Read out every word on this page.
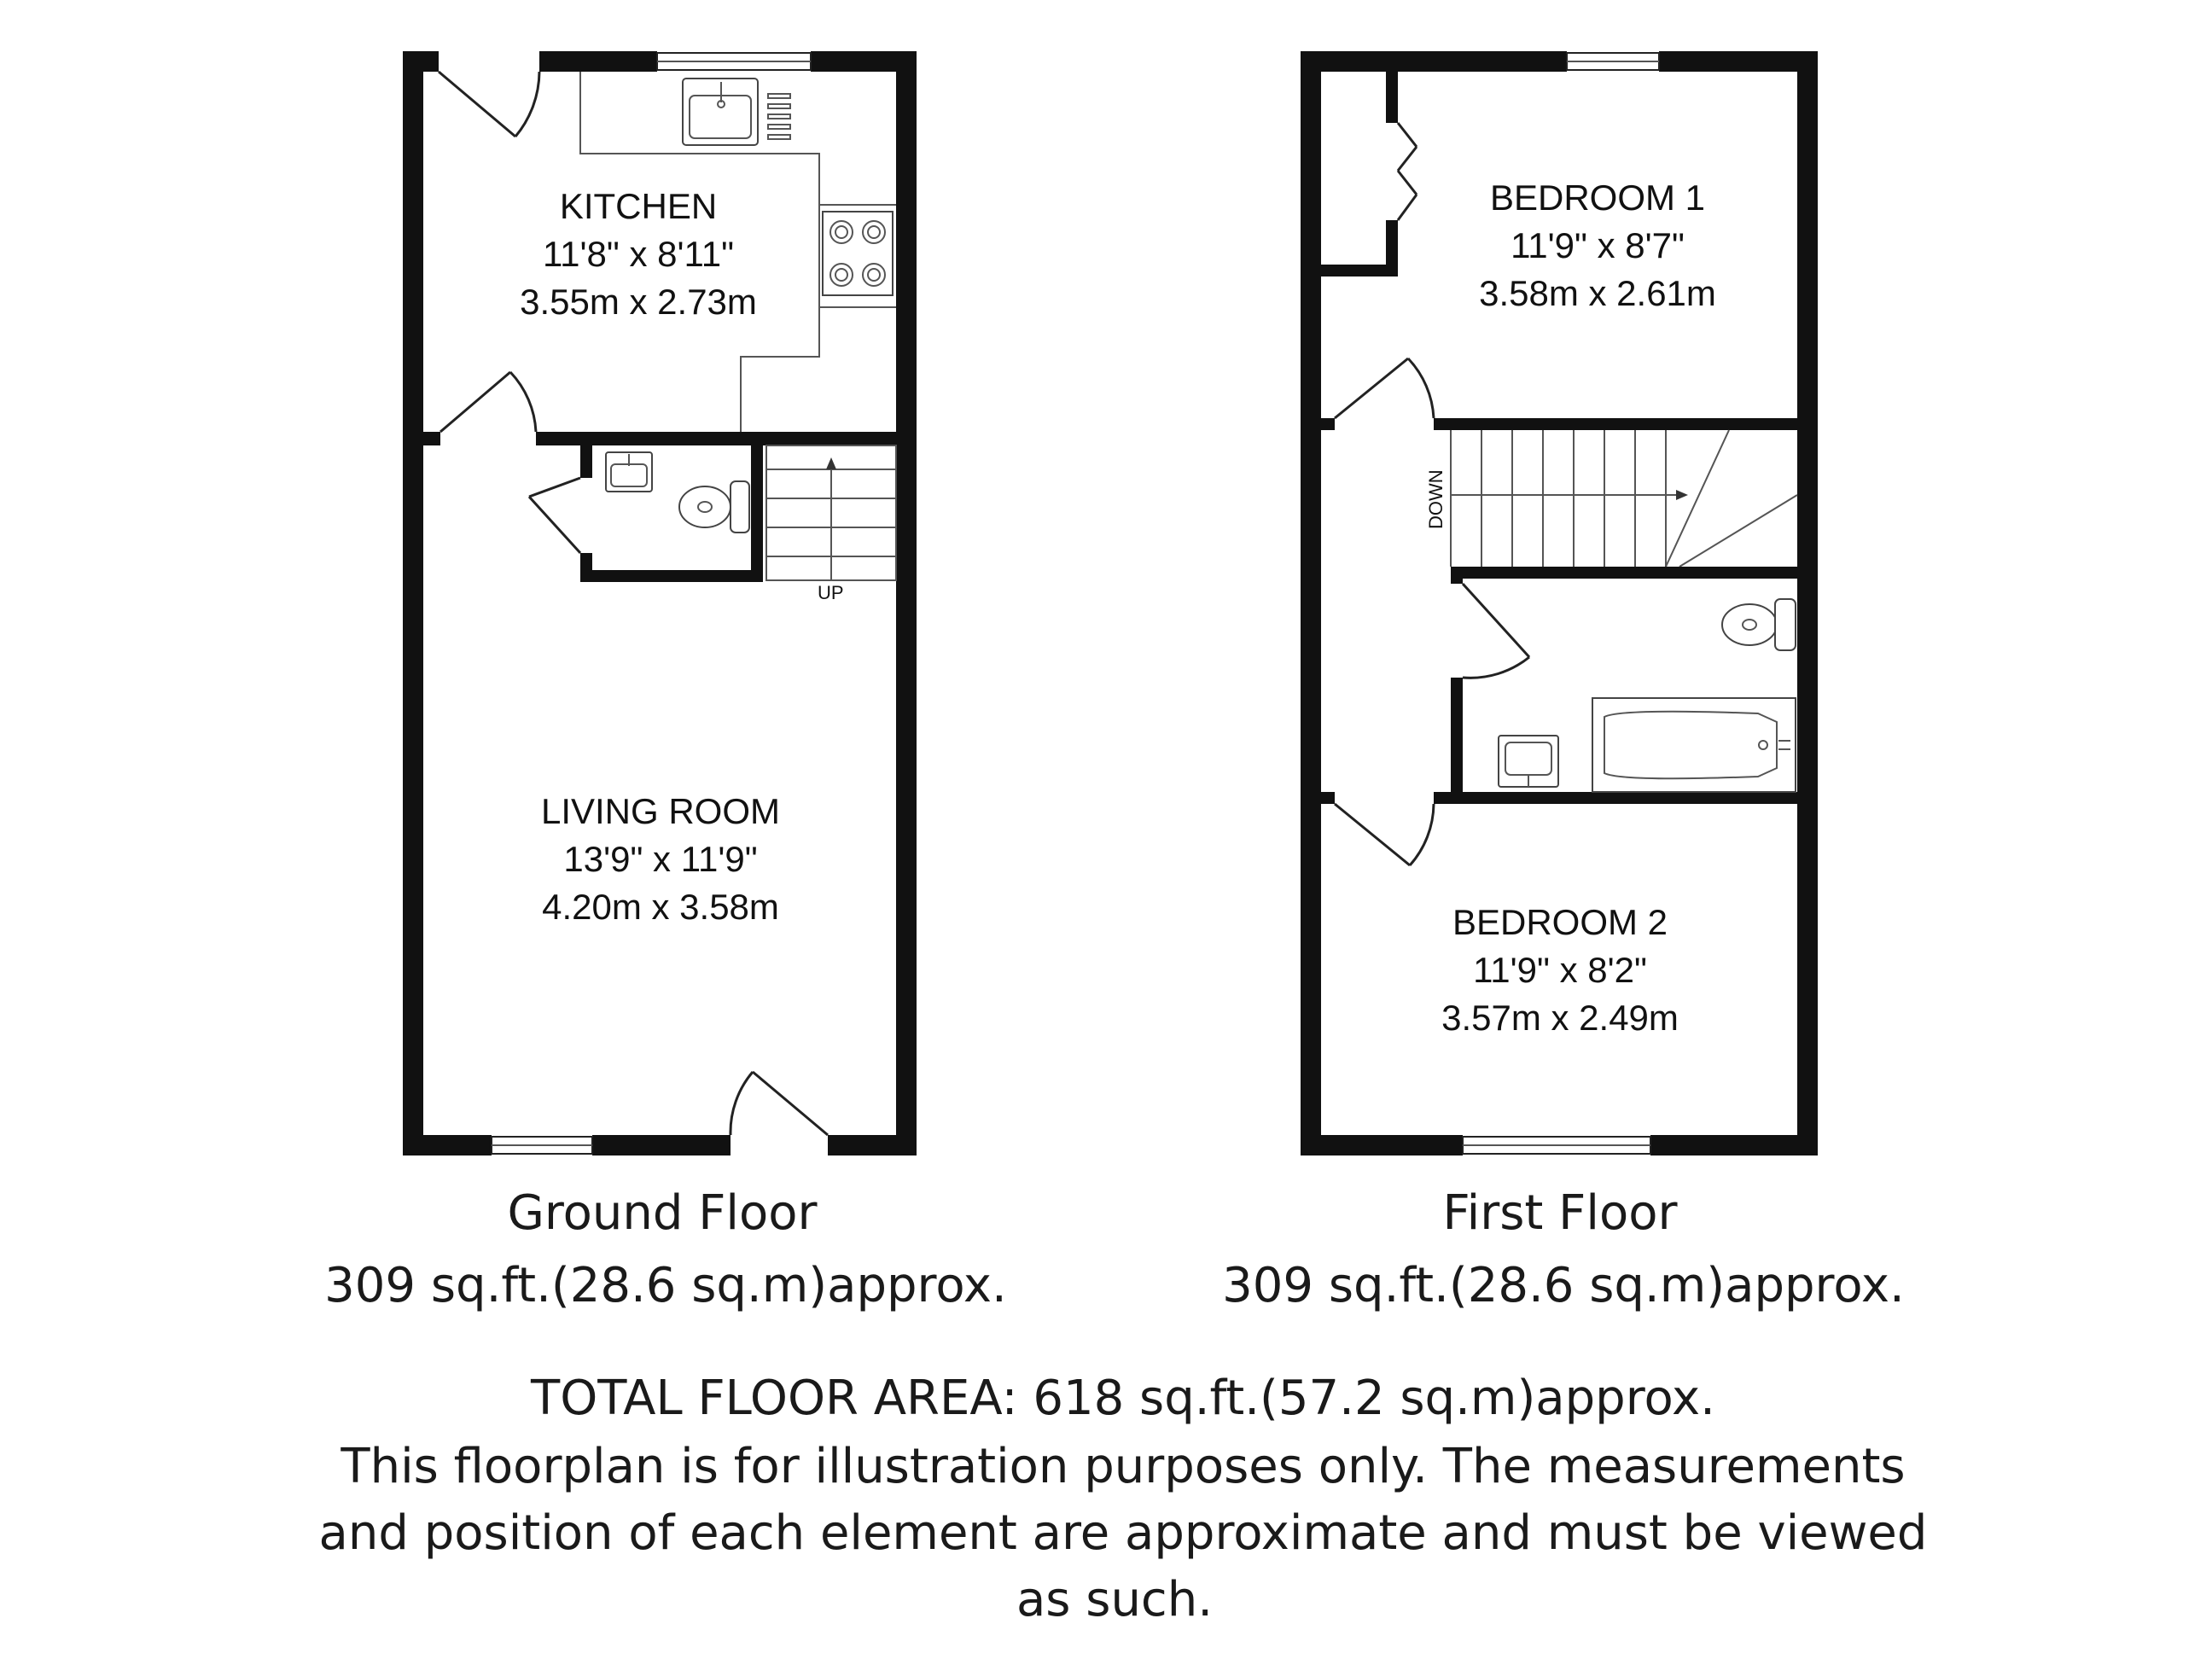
UP
KITCHEN
11'8" x 8'11"
3.55m x 2.73m
LIVING ROOM
13'9" x 11'9"
4.20m x 3.58m
DOWN
BEDROOM 1
11'9" x 8'7"
3.58m x 2.61m
BEDROOM 2
11'9" x 8'2"
3.57m x 2.49m
Ground Floor
309 sq.ft.(28.6 sq.m)approx.
First Floor
309 sq.ft.(28.6 sq.m)approx.
TOTAL FLOOR AREA: 618 sq.ft.(57.2 sq.m)approx.
This floorplan is for illustration purposes only. The measurements
and position of each element are approximate and must be viewed
as such.
